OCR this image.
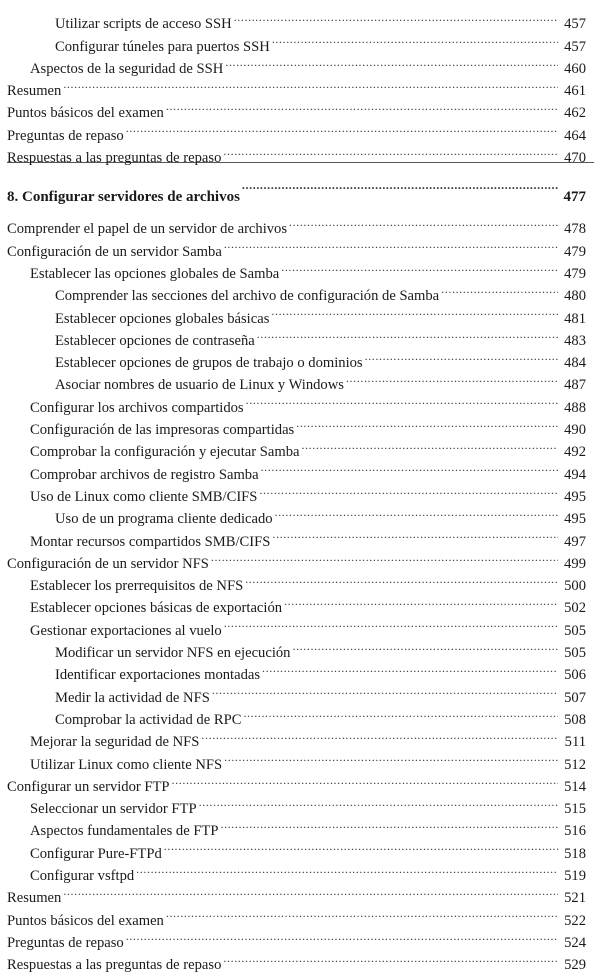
Utilizar scripts de acceso SSH .....	457
Configurar túneles para puertos SSH .....	457
Aspectos de la seguridad de SSH .....	460
Resumen .....	461
Puntos básicos del examen .....	462
Preguntas de repaso .....	464
Respuestas a las preguntas de repaso .....	470
8. Configurar servidores de archivos .....	477
Comprender el papel de un servidor de archivos .....	478
Configuración de un servidor Samba .....	479
Establecer las opciones globales de Samba .....	479
Comprender las secciones del archivo de configuración de Samba .....	480
Establecer opciones globales básicas .....	481
Establecer opciones de contraseña .....	483
Establecer opciones de grupos de trabajo o dominios .....	484
Asociar nombres de usuario de Linux y Windows .....	487
Configurar los archivos compartidos .....	488
Configuración de las impresoras compartidas .....	490
Comprobar la configuración y ejecutar Samba .....	492
Comprobar archivos de registro Samba .....	494
Uso de Linux como cliente SMB/CIFS .....	495
Uso de un programa cliente dedicado .....	495
Montar recursos compartidos SMB/CIFS .....	497
Configuración de un servidor NFS .....	499
Establecer los prerrequisitos de NFS .....	500
Establecer opciones básicas de exportación .....	502
Gestionar exportaciones al vuelo .....	505
Modificar un servidor NFS en ejecución .....	505
Identificar exportaciones montadas .....	506
Medir la actividad de NFS .....	507
Comprobar la actividad de RPC .....	508
Mejorar la seguridad de NFS .....	511
Utilizar Linux como cliente NFS .....	512
Configurar un servidor FTP .....	514
Seleccionar un servidor FTP .....	515
Aspectos fundamentales de FTP .....	516
Configurar Pure-FTPd .....	518
Configurar vsftpd .....	519
Resumen .....	521
Puntos básicos del examen .....	522
Preguntas de repaso .....	524
Respuestas a las preguntas de repaso .....	529
